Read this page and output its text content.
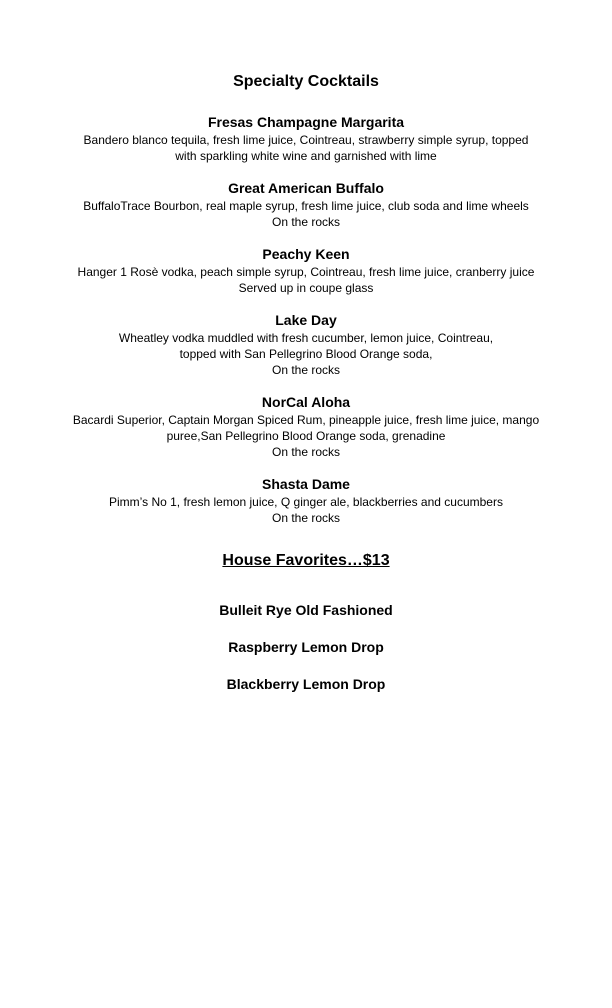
Specialty Cocktails
Fresas Champagne Margarita
Bandero blanco tequila, fresh lime juice, Cointreau, strawberry simple syrup, topped
with sparkling white wine and garnished with lime
Great American Buffalo
BuffaloTrace Bourbon, real maple syrup, fresh lime juice, club soda and lime wheels
On the rocks
Peachy Keen
Hanger 1 Rosè vodka, peach simple syrup, Cointreau, fresh lime juice, cranberry juice
Served up in coupe glass
Lake Day
Wheatley vodka muddled with fresh cucumber, lemon juice, Cointreau,
topped with San Pellegrino Blood Orange soda,
On the rocks
NorCal Aloha
Bacardi Superior, Captain Morgan Spiced Rum, pineapple juice, fresh lime juice, mango
puree,San Pellegrino Blood Orange soda, grenadine
On the rocks
Shasta Dame
Pimm’s No 1, fresh lemon juice, Q ginger ale, blackberries and cucumbers
On the rocks
House Favorites…$13
Bulleit Rye Old Fashioned
Raspberry Lemon Drop
Blackberry Lemon Drop
